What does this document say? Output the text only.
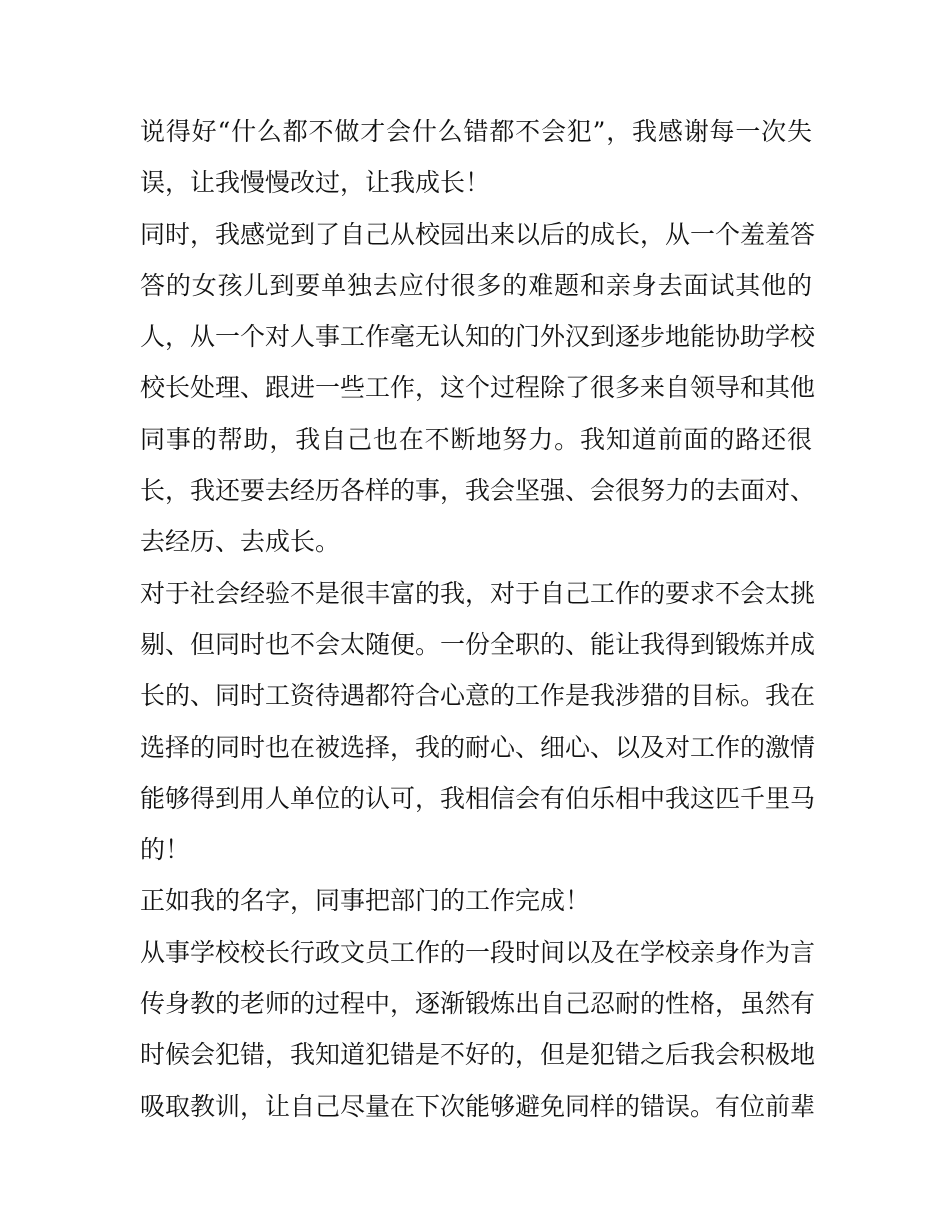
说得好“什么都不做才会什么错都不会犯”，我感谢每一次失
误，让我慢慢改过，让我成长！
同时，我感觉到了自己从校园出来以后的成长，从一个羞羞答
答的女孩儿到要单独去应付很多的难题和亲身去面试其他的
人，从一个对人事工作毫无认知的门外汉到逐步地能协助学校
校长处理、跟进一些工作，这个过程除了很多来自领导和其他
同事的帮助，我自己也在不断地努力。我知道前面的路还很
长，我还要去经历各样的事，我会坚强、会很努力的去面对、
去经历、去成长。
对于社会经验不是很丰富的我，对于自己工作的要求不会太挑
剔、但同时也不会太随便。一份全职的、能让我得到锻炼并成
长的、同时工资待遇都符合心意的工作是我涉猎的目标。我在
选择的同时也在被选择，我的耐心、细心、以及对工作的激情
能够得到用人单位的认可，我相信会有伯乐相中我这匹千里马
的！
正如我的名字，同事把部门的工作完成！
从事学校校长行政文员工作的一段时间以及在学校亲身作为言
传身教的老师的过程中，逐渐锻炼出自己忍耐的性格，虽然有
时候会犯错，我知道犯错是不好的，但是犯错之后我会积极地
吸取教训，让自己尽量在下次能够避免同样的错误。有位前辈
